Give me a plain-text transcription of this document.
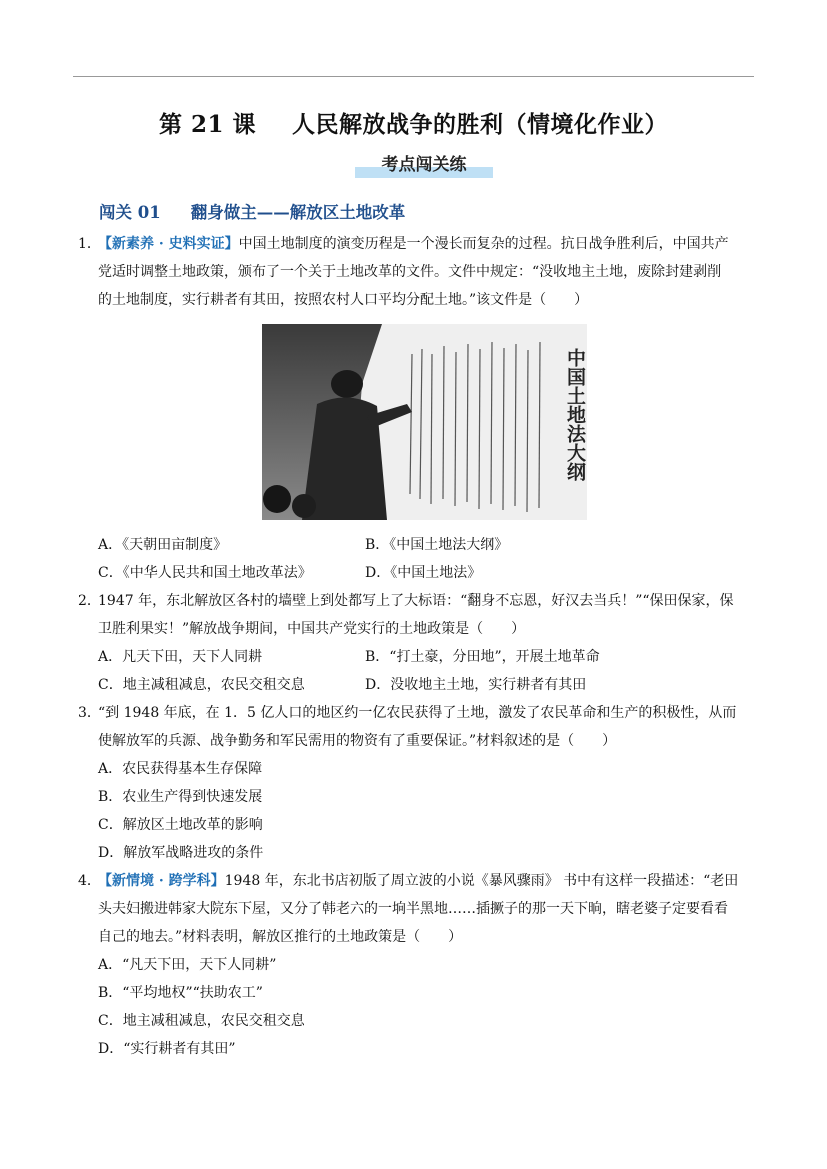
第 21 课 人民解放战争的胜利（情境化作业）
考点闯关练
闯关 01 翻身做主——解放区土地改革

1．【新素养 · 史料实证】中国土地制度的演变历程是一个漫长而复杂的过程。抗日战争胜利后，中国共产

党适时调整土地政策，颁布了一个关于土地改革的文件。文件中规定：“没收地主土地，废除封建剥削

的土地制度，实行耕者有其田，按照农村人口平均分配土地。”该文件是（　　）

中国土地法大纲
A．《天朝田亩制度》	B．《中国土地法大纲》
C．《中华人民共和国土地改革法》	D．《中国土地法》

2．1947 年，东北解放区各村的墙壁上到处都写上了大标语：“翻身不忘恩，好汉去当兵！”“保田保家，保

卫胜利果实！”解放战争期间，中国共产党实行的土地政策是（　　）

A．凡天下田，天下人同耕	B．“打土豪，分田地”，开展土地革命
C．地主减租减息，农民交租交息	D．没收地主土地，实行耕者有其田

3．“到 1948 年底，在 1．5 亿人口的地区约一亿农民获得了土地，激发了农民革命和生产的积极性，从而

使解放军的兵源、战争勤务和军民需用的物资有了重要保证。”材料叙述的是（　　）

A．农民获得基本生存保障
B．农业生产得到快速发展
C．解放区土地改革的影响
D．解放军战略进攻的条件

4．【新情境 · 跨学科】1948 年，东北书店初版了周立波的小说《暴风骤雨》 书中有这样一段描述：“老田

头夫妇搬进韩家大院东下屋，又分了韩老六的一垧半黑地……插撅子的那一天下晌，瞎老婆子定要看看

自己的地去。”材料表明，解放区推行的土地政策是（　　）

A．“凡天下田，天下人同耕”
B．“平均地权”“扶助农工”
C．地主减租减息，农民交租交息
D．“实行耕者有其田”
